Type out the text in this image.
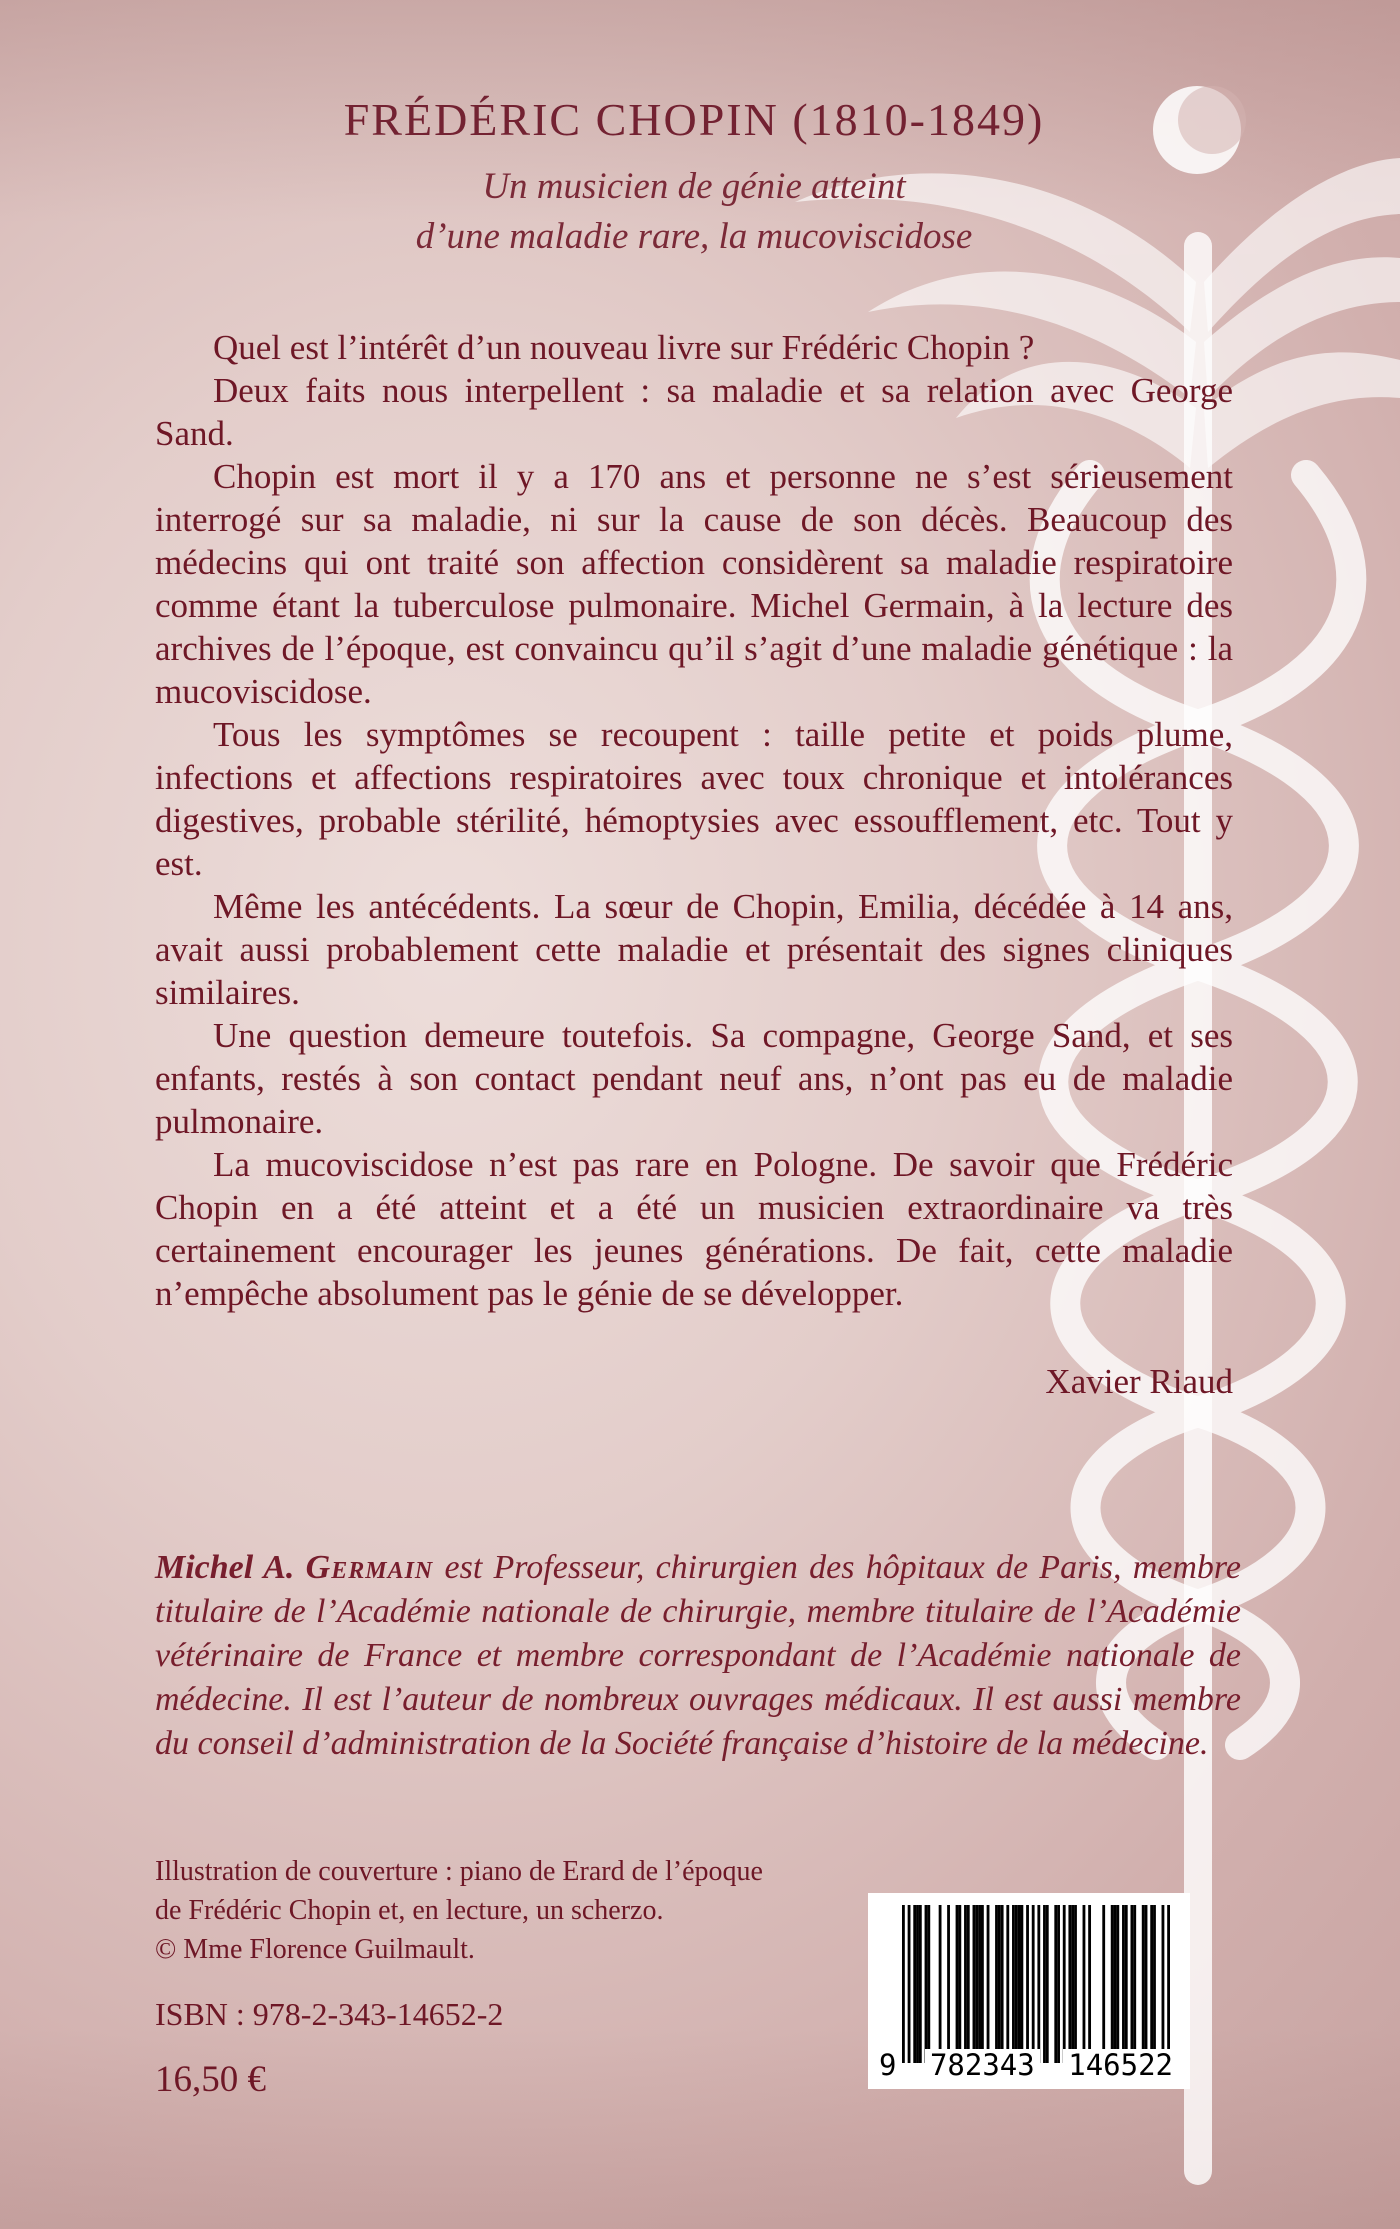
FRÉDÉRIC CHOPIN (1810-1849)
Un musicien de génie atteint
d’une maladie rare, la mucoviscidose

Quel est l’intérêt d’un nouveau livre sur Frédéric Chopin ?

Deux faits nous interpellent : sa maladie et sa relation avec George Sand.

Chopin est mort il y a 170 ans et personne ne s’est sérieusement interrogé sur sa maladie, ni sur la cause de son décès. Beaucoup des médecins qui ont traité son affection considèrent sa maladie respiratoire comme étant la tuberculose pulmonaire. Michel Germain, à la lecture des archives de l’époque, est convaincu qu’il s’agit d’une maladie génétique : la mucoviscidose.

Tous les symptômes se recoupent : taille petite et poids plume, infections et affections respiratoires avec toux chronique et intolérances digestives, probable stérilité, hémoptysies avec essoufflement, etc. Tout y est.

Même les antécédents. La sœur de Chopin, Emilia, décédée à 14 ans, avait aussi probablement cette maladie et présentait des signes cliniques similaires.

Une question demeure toutefois. Sa compagne, George Sand, et ses enfants, restés à son contact pendant neuf ans, n’ont pas eu de maladie pulmonaire.

La mucoviscidose n’est pas rare en Pologne. De savoir que Frédéric Chopin en a été atteint et a été un musicien extraordinaire va très certainement encourager les jeunes générations. De fait, cette maladie n’empêche absolument pas le génie de se développer.

Xavier Riaud

Michel A. Germain est Professeur, chirurgien des hôpitaux de Paris, membre titulaire de l’Académie nationale de chirurgie, membre titulaire de l’Académie vétérinaire de France et membre correspondant de l’Académie nationale de médecine. Il est l’auteur de nombreux ouvrages médicaux. Il est aussi membre du conseil d’administration de la Société française d’histoire de la médecine.

Illustration de couverture : piano de Erard de l’époque
de Frédéric Chopin et, en lecture, un scherzo.
© Mme Florence Guilmault.
ISBN : 978-2-343-14652-2
16,50 €	9 782343 146522
